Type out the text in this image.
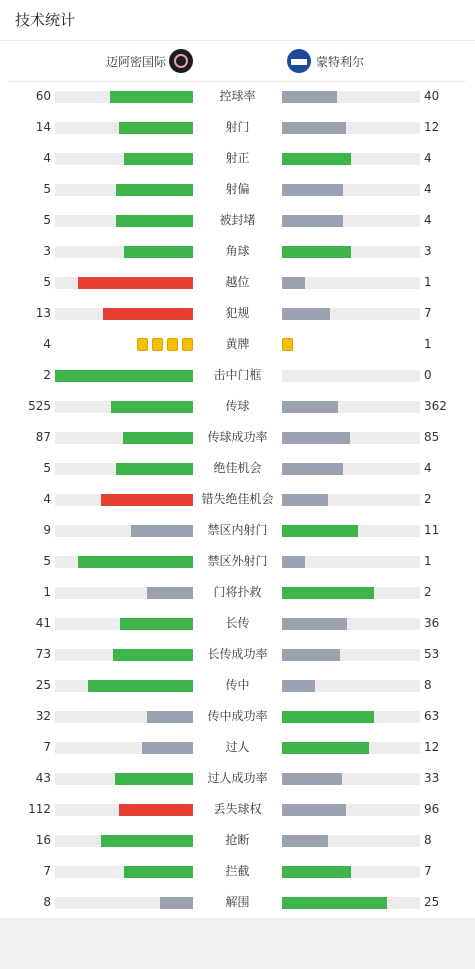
技术统计
迈阿密国际	蒙特利尔
60	控球率	40
14	射门	12
4	射正	4
5	射偏	4
5	被封堵	4
3	角球	3
5	越位	1
13	犯规	7
4	黄牌	1
2	击中门框	0
525	传球	362
87	传球成功率	85
5	绝佳机会	4
4	错失绝佳机会	2
9	禁区内射门	11
5	禁区外射门	1
1	门将扑救	2
41	长传	36
73	长传成功率	53
25	传中	8
32	传中成功率	63
7	过人	12
43	过人成功率	33
112	丢失球权	96
16	抢断	8
7	拦截	7
8	解围	25
